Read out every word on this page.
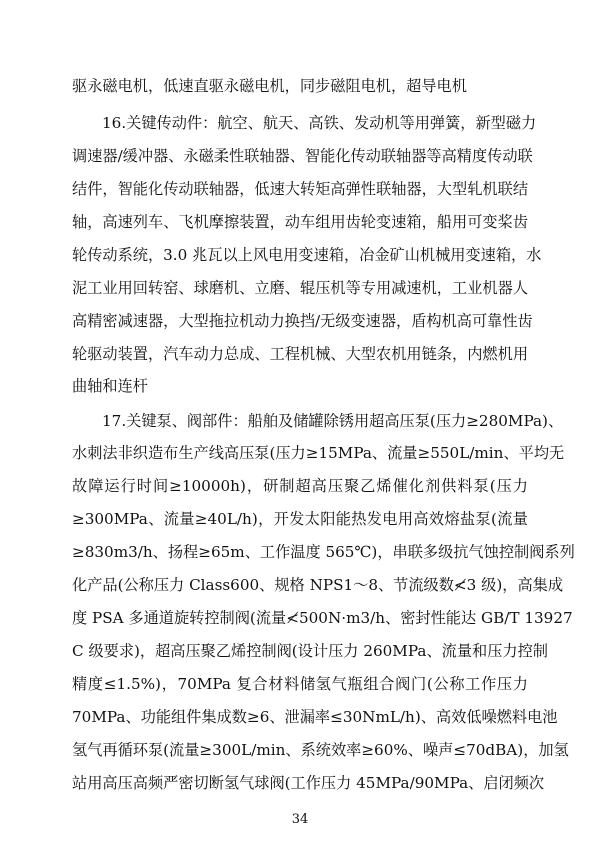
驱永磁电机，低速直驱永磁电机，同步磁阻电机，超导电机
16.关键传动件：航空、航天、高铁、发动机等用弹簧，新型磁力
调速器/缓冲器、永磁柔性联轴器、智能化传动联轴器等高精度传动联
结件，智能化传动联轴器，低速大转矩高弹性联轴器，大型轧机联结
轴，高速列车、飞机摩擦装置，动车组用齿轮变速箱，船用可变桨齿
轮传动系统，3.0 兆瓦以上风电用变速箱，冶金矿山机械用变速箱，水
泥工业用回转窑、球磨机、立磨、辊压机等专用减速机，工业机器人
高精密减速器，大型拖拉机动力换挡/无级变速器，盾构机高可靠性齿
轮驱动装置，汽车动力总成、工程机械、大型农机用链条，内燃机用
曲轴和连杆
17.关键泵、阀部件：船舶及储罐除锈用超高压泵(压力≥280MPa)、
水刺法非织造布生产线高压泵(压力≥15MPa、流量≥550L/min、平均无
故障运行时间≥10000h)，研制超高压聚乙烯催化剂供料泵(压力
≥300MPa、流量≥40L/h)，开发太阳能热发电用高效熔盐泵(流量
≥830m3/h、扬程≥65m、工作温度 565℃)，串联多级抗气蚀控制阀系列
化产品(公称压力 Class600、规格 NPS1～8、节流级数≮3 级)，高集成
度 PSA 多通道旋转控制阀(流量≮500N·m3/h、密封性能达 GB/T 13927
C 级要求)，超高压聚乙烯控制阀(设计压力 260MPa、流量和压力控制
精度≤1.5%)，70MPa 复合材料储氢气瓶组合阀门(公称工作压力
70MPa、功能组件集成数≥6、泄漏率≤30NmL/h)、高效低噪燃料电池
氢气再循环泵(流量≥300L/min、系统效率≥60%、噪声≤70dBA)，加氢
站用高压高频严密切断氢气球阀(工作压力 45MPa/90MPa、启闭频次
34
